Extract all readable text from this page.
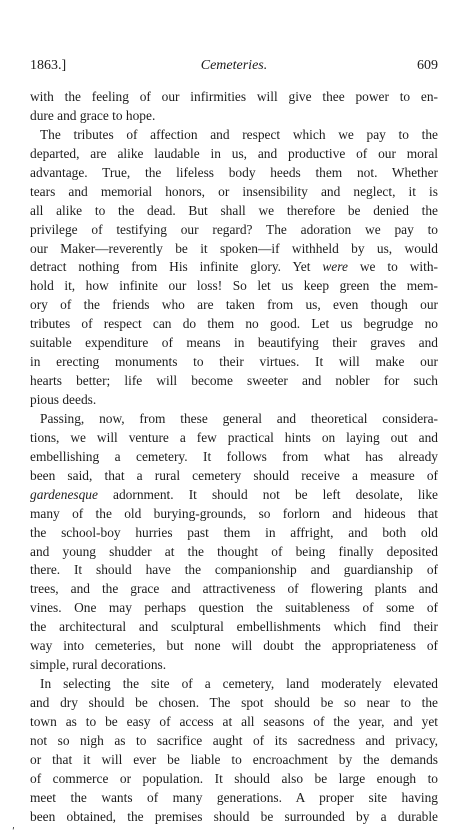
1863.]	Cemeteries.	609
with the feeling of our infirmities will give thee power to en-
dure and grace to hope.
The tributes of affection and respect which we pay to the
departed, are alike laudable in us, and productive of our moral
advantage. True, the lifeless body heeds them not. Whether
tears and memorial honors, or insensibility and neglect, it is
all alike to the dead. But shall we therefore be denied the
privilege of testifying our regard? The adoration we pay to
our Maker—reverently be it spoken—if withheld by us, would
detract nothing from His infinite glory. Yet were we to with-
hold it, how infinite our loss! So let us keep green the mem-
ory of the friends who are taken from us, even though our
tributes of respect can do them no good. Let us begrudge no
suitable expenditure of means in beautifying their graves and
in erecting monuments to their virtues. It will make our
hearts better; life will become sweeter and nobler for such
pious deeds.
Passing, now, from these general and theoretical considera-
tions, we will venture a few practical hints on laying out and
embellishing a cemetery. It follows from what has already
been said, that a rural cemetery should receive a measure of
gardenesque adornment. It should not be left desolate, like
many of the old burying-grounds, so forlorn and hideous that
the school-boy hurries past them in affright, and both old
and young shudder at the thought of being finally deposited
there. It should have the companionship and guardianship of
trees, and the grace and attractiveness of flowering plants and
vines. One may perhaps question the suitableness of some of
the architectural and sculptural embellishments which find their
way into cemeteries, but none will doubt the appropriateness of
simple, rural decorations.
In selecting the site of a cemetery, land moderately elevated
and dry should be chosen. The spot should be so near to the
town as to be easy of access at all seasons of the year, and yet
not so nigh as to sacrifice aught of its sacredness and privacy,
or that it will ever be liable to encroachment by the demands
of commerce or population. It should also be large enough to
meet the wants of many generations. A proper site having
been obtained, the premises should be surrounded by a durable
ʹ
